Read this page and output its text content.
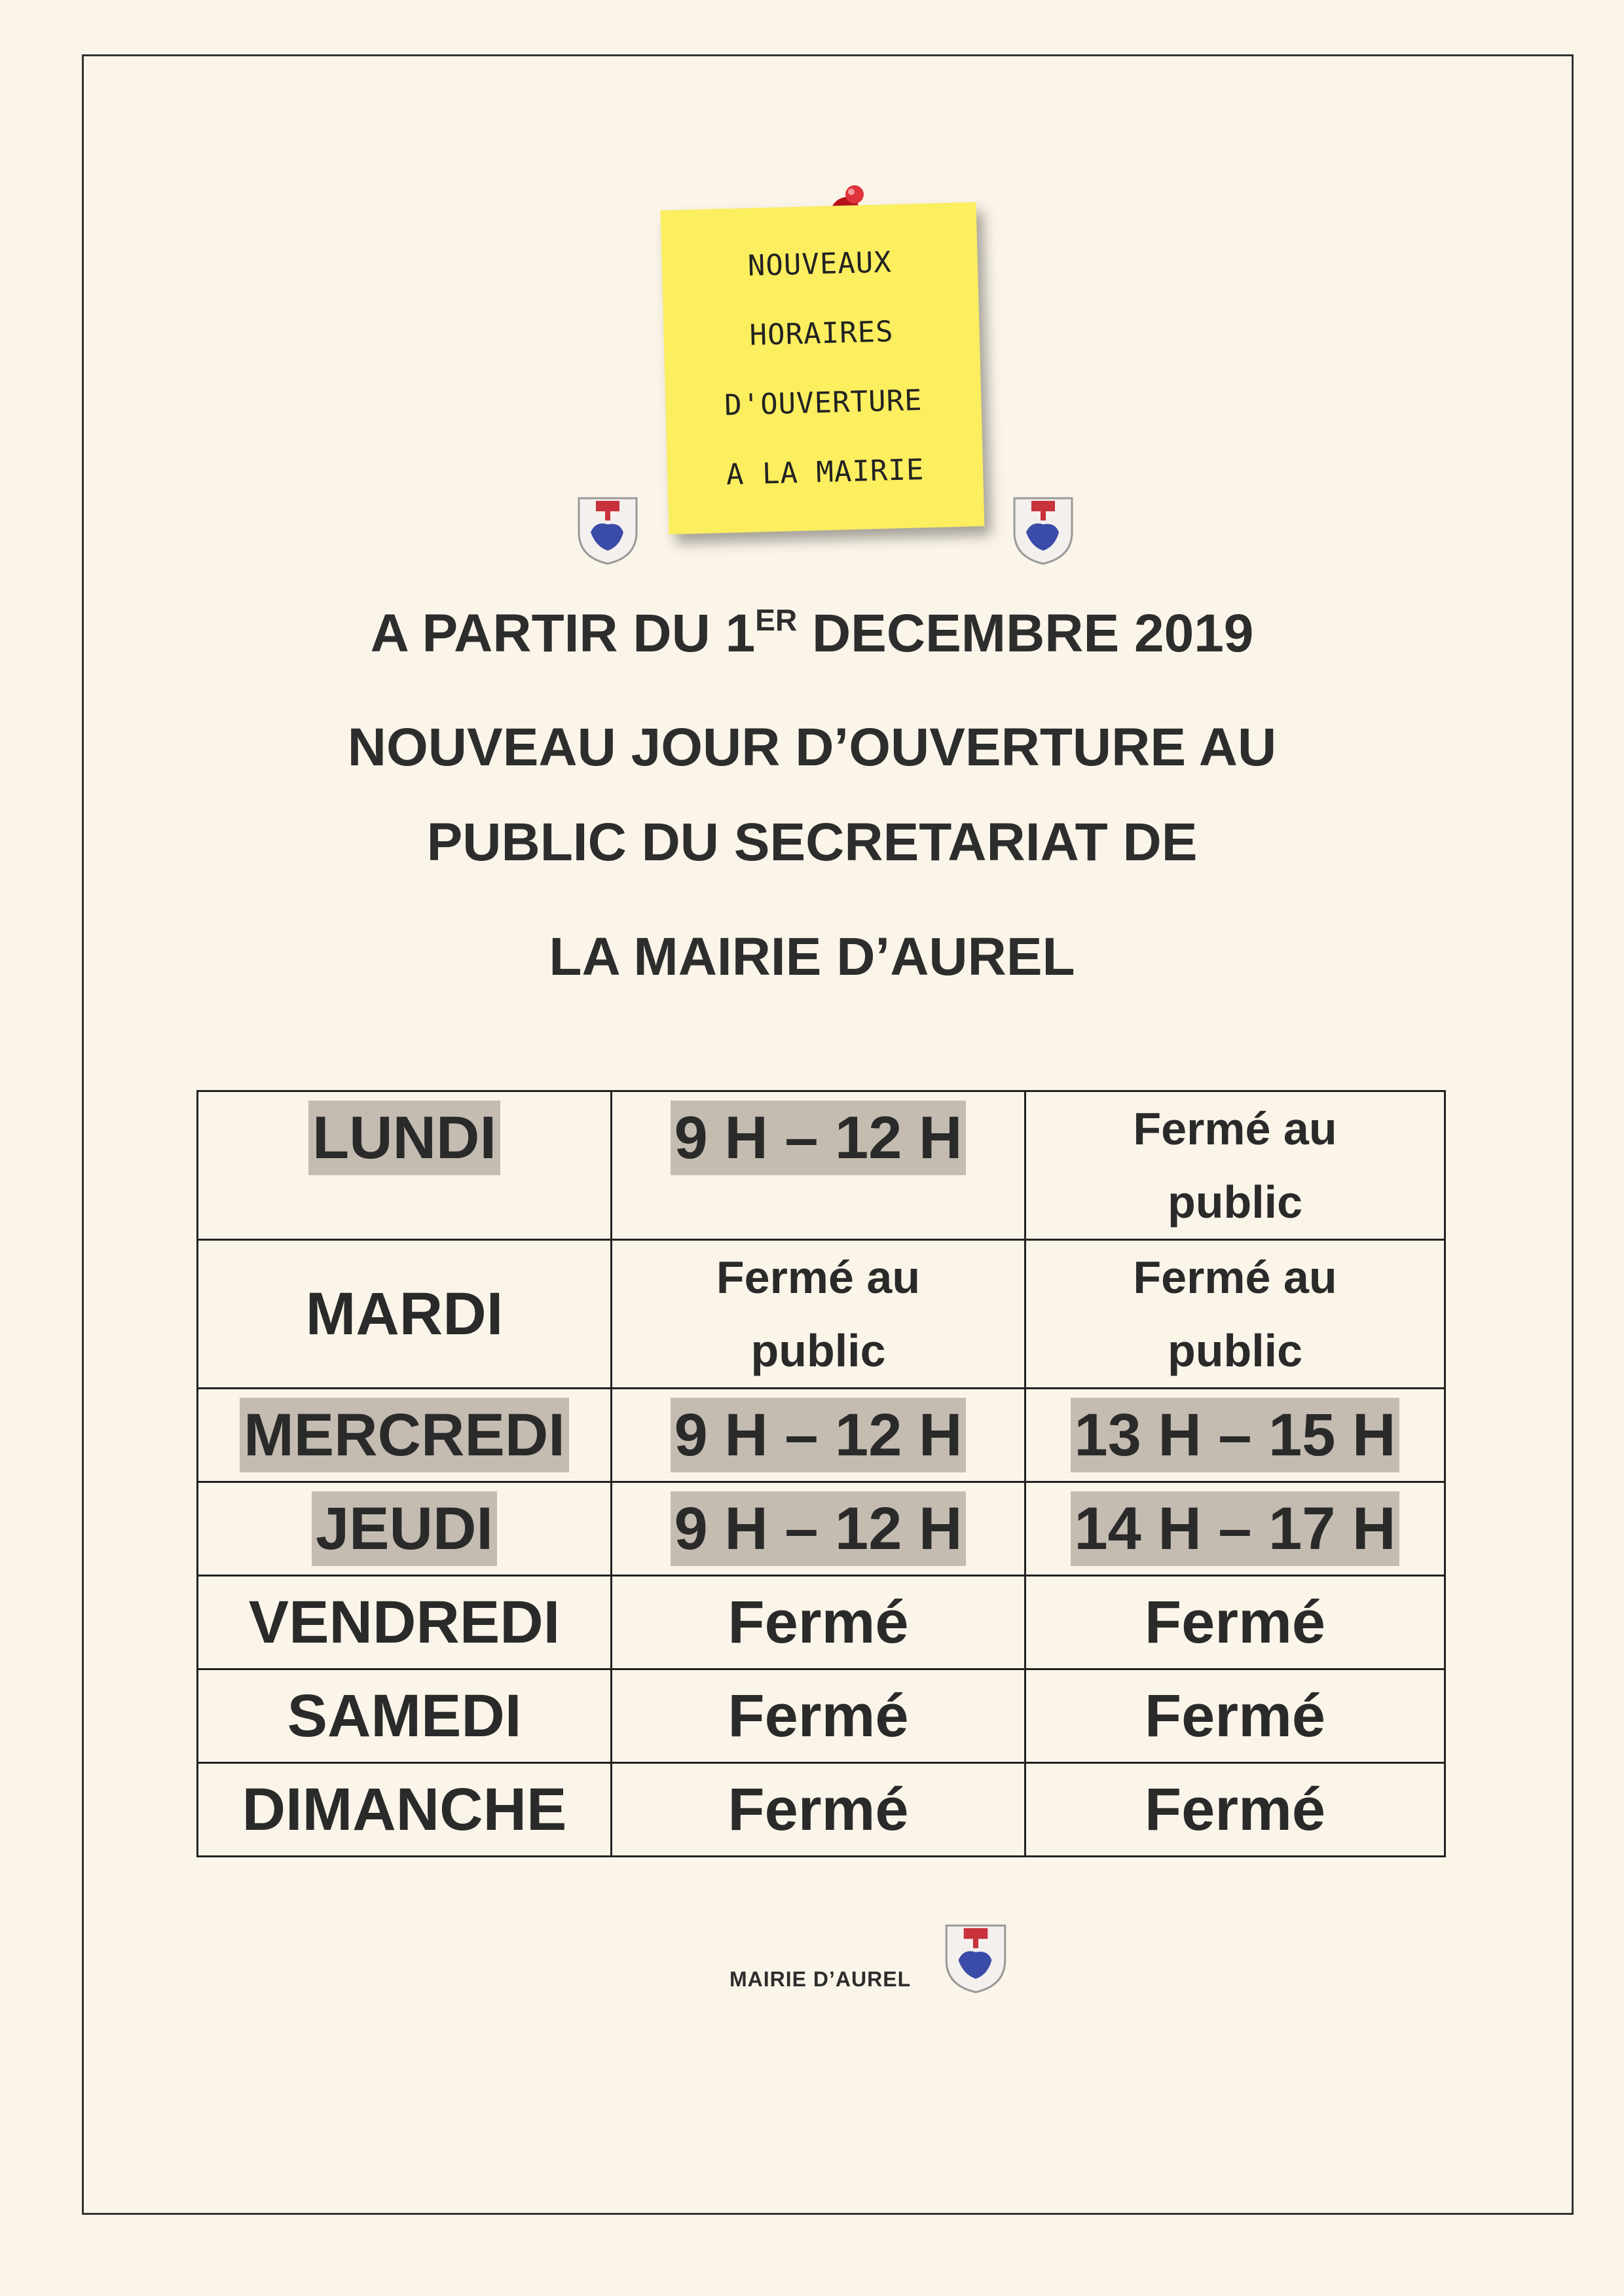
NOUVEAUX
HORAIRES
D'OUVERTURE
A LA MAIRIE
A PARTIR DU 1ER DECEMBRE 2019
NOUVEAU JOUR D’OUVERTURE AU
PUBLIC DU SECRETARIAT DE
LA MAIRIE D’AUREL
LUNDI	9 H – 12 H	Fermé au public
MARDI	Fermé au public	Fermé au public
MERCREDI	9 H – 12 H	13 H – 15 H
JEUDI	9 H – 12 H	14 H – 17 H
VENDREDI	Fermé	Fermé
SAMEDI	Fermé	Fermé
DIMANCHE	Fermé	Fermé
MAIRIE D’AUREL
